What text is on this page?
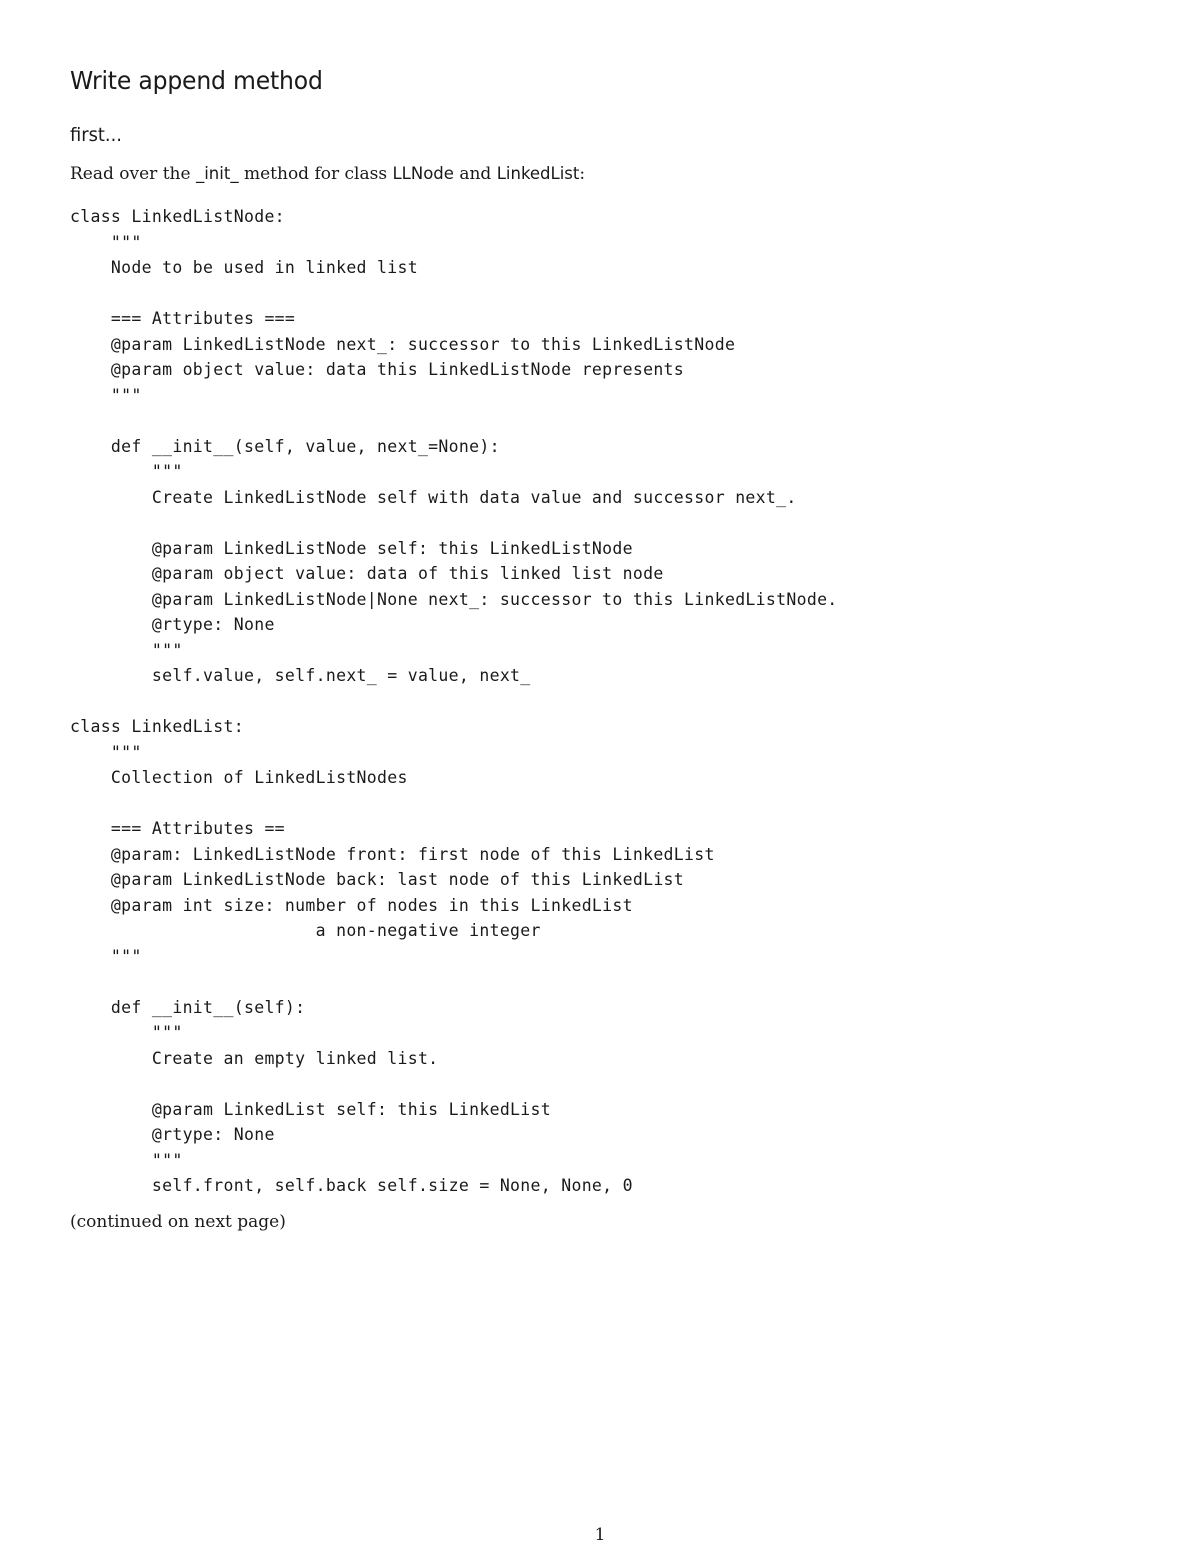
Write append method
first...

Read over the _init_ method for class LLNode and LinkedList:

class LinkedListNode:
"""
Node to be used in linked list
=== Attributes ===
@param LinkedListNode next_: successor to this LinkedListNode
@param object value: data this LinkedListNode represents
"""
def __init__(self, value, next_=None):
"""
Create LinkedListNode self with data value and successor next_.
@param LinkedListNode self: this LinkedListNode
@param object value: data of this linked list node
@param LinkedListNode|None next_: successor to this LinkedListNode.
@rtype: None
"""
self.value, self.next_ = value, next_
class LinkedList:
"""
Collection of LinkedListNodes
=== Attributes ==
@param: LinkedListNode front: first node of this LinkedList
@param LinkedListNode back: last node of this LinkedList
@param int size: number of nodes in this LinkedList
a non-negative integer
"""
def __init__(self):
"""
Create an empty linked list.
@param LinkedList self: this LinkedList
@rtype: None
"""
self.front, self.back self.size = None, None, 0

(continued on next page)

1
